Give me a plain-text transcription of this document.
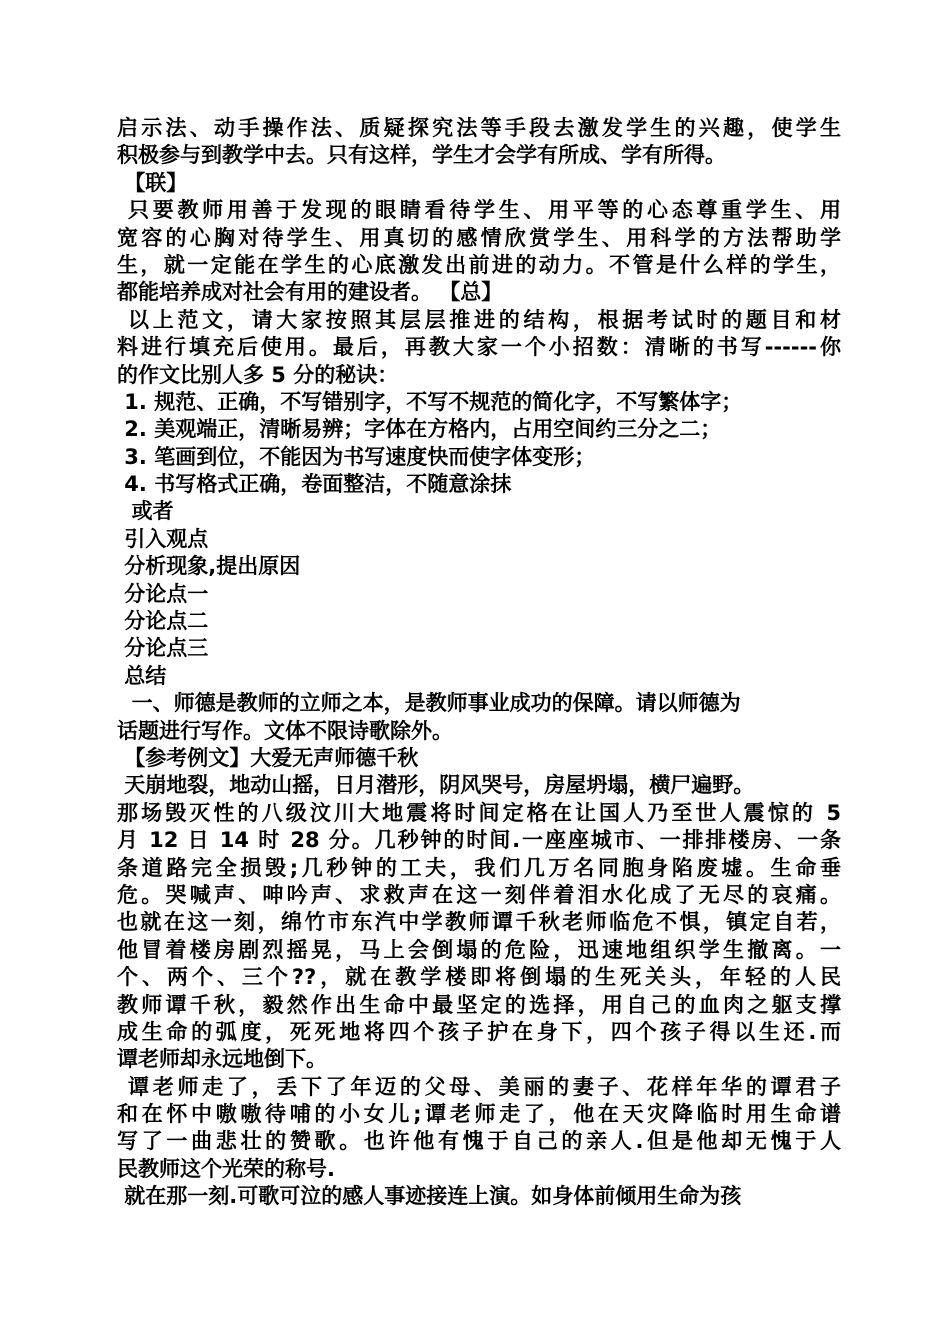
启示法、动手操作法、质疑探究法等手段去激发学生的兴趣，使学生
积极参与到教学中去。只有这样，学生才会学有所成、学有所得。
【联】
只要教师用善于发现的眼睛看待学生、用平等的心态尊重学生、用
宽容的心胸对待学生、用真切的感情欣赏学生、用科学的方法帮助学
生，就一定能在学生的心底激发出前进的动力。不管是什么样的学生，
都能培养成对社会有用的建设者。 【总】
以上范文，请大家按照其层层推进的结构，根据考试时的题目和材
料进行填充后使用。最后，再教大家一个小招数：清晰的书写------你
的作文比别人多 5 分的秘诀：
1. 规范、正确，不写错别字，不写不规范的简化字，不写繁体字；
2. 美观端正，清晰易辨；字体在方格内，占用空间约三分之二；
3. 笔画到位，不能因为书写速度快而使字体变形；
4. 书写格式正确，卷面整洁，不随意涂抹
或者
引入观点
分析现象,提出原因
分论点一
分论点二
分论点三
总结
一、师德是教师的立师之本，是教师事业成功的保障。请以师德为
话题进行写作。文体不限诗歌除外。
【参考例文】大爱无声师德千秋
天崩地裂，地动山摇，日月潜形，阴风哭号，房屋坍塌，横尸遍野。
那场毁灭性的八级汶川大地震将时间定格在让国人乃至世人震惊的 5
月 12 日 14 时 28 分。几秒钟的时间.一座座城市、一排排楼房、一条
条道路完全损毁;几秒钟的工夫，我们几万名同胞身陷废墟。生命垂
危。哭喊声、呻吟声、求救声在这一刻伴着泪水化成了无尽的哀痛。
也就在这一刻，绵竹市东汽中学教师谭千秋老师临危不惧，镇定自若，
他冒着楼房剧烈摇晃，马上会倒塌的危险，迅速地组织学生撤离。一
个、两个、三个??，就在教学楼即将倒塌的生死关头，年轻的人民
教师谭千秋，毅然作出生命中最坚定的选择，用自己的血肉之躯支撑
成生命的弧度，死死地将四个孩子护在身下，四个孩子得以生还.而
谭老师却永远地倒下。
谭老师走了，丢下了年迈的父母、美丽的妻子、花样年华的谭君子
和在怀中嗷嗷待哺的小女儿;谭老师走了，他在天灾降临时用生命谱
写了一曲悲壮的赞歌。也许他有愧于自己的亲人.但是他却无愧于人
民教师这个光荣的称号.
就在那一刻.可歌可泣的感人事迹接连上演。如身体前倾用生命为孩
